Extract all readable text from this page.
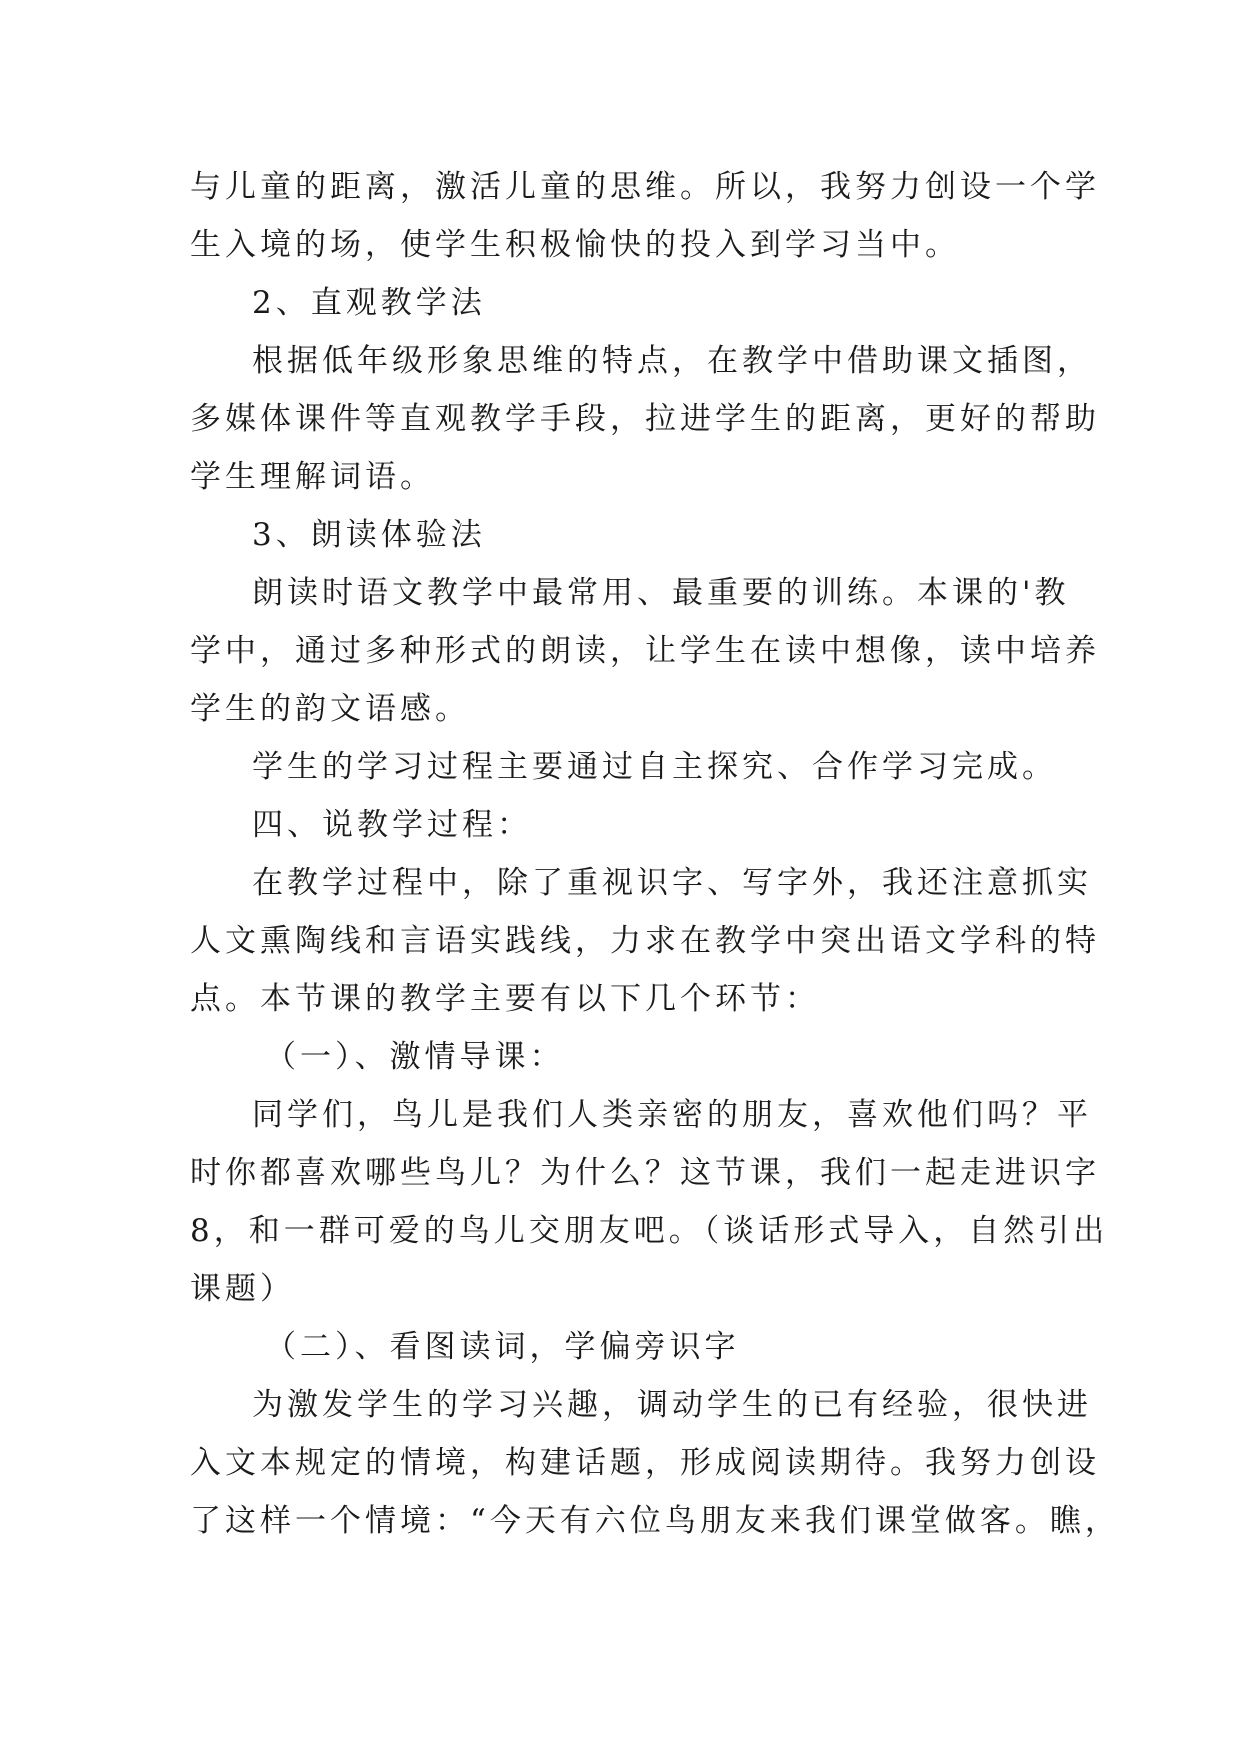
与儿童的距离，激活儿童的思维。所以，我努力创设一个学
生入境的场，使学生积极愉快的投入到学习当中。
2、直观教学法
根据低年级形象思维的特点，在教学中借助课文插图，
多媒体课件等直观教学手段，拉进学生的距离，更好的帮助
学生理解词语。
3、朗读体验法
朗读时语文教学中最常用、最重要的训练。本课的'教
学中，通过多种形式的朗读，让学生在读中想像，读中培养
学生的韵文语感。
学生的学习过程主要通过自主探究、合作学习完成。
四、说教学过程：
在教学过程中，除了重视识字、写字外，我还注意抓实
人文熏陶线和言语实践线，力求在教学中突出语文学科的特
点。本节课的教学主要有以下几个环节：
（一）、激情导课：
同学们，鸟儿是我们人类亲密的朋友，喜欢他们吗？平
时你都喜欢哪些鸟儿？为什么？这节课，我们一起走进识字
8，和一群可爱的鸟儿交朋友吧。（谈话形式导入，自然引出
课题）
（二）、看图读词，学偏旁识字
为激发学生的学习兴趣，调动学生的已有经验，很快进
入文本规定的情境，构建话题，形成阅读期待。我努力创设
了这样一个情境：“今天有六位鸟朋友来我们课堂做客。瞧，
